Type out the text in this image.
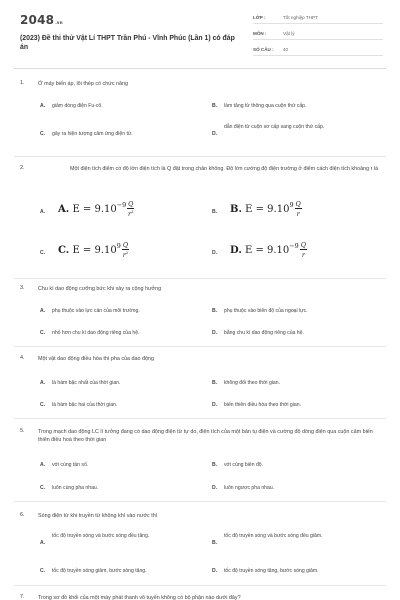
2048.vn
(2023) Đề thi thử Vật Lí THPT Trần Phú - Vĩnh Phúc (Lần 1) có đáp án
LỚP :	Tốt nghiệp THPT
MÔN :	Vật lý
SỐ CÂU : 40
1.	Ở máy biến áp, lõi thép có chức năng
A. giảm dòng điện Fu-cô.	B. làm tăng từ thông qua cuộn thứ cấp.
C. gây ra hiện tượng cảm ứng điện từ.	D.
dẫn điện từ cuộn sơ cấp sang cuộn thứ cấp.
2.	Một điện tích điểm có độ lớn điện tích là Q đặt trong chân không. Độ lớn cường độ điện trường ở điểm cách điện tích khoảng r là
A. A. $E = 9.10^{-9} \frac{Q}{r^2}$	B. B. $E = 9.10^9 \frac{Q}{r}$
C. C. $E = 9.10^9 \frac{Q}{r^2}$	D. D. $E = 9.10^{-9} \frac{Q}{r}$
3.	Chu kì dao động cưỡng bức khi xảy ra cộng hưởng
A. phụ thuộc vào lực cản của môi trường.	B. phụ thuộc vào biên độ của ngoại lực.
C. nhỏ hơn chu kì dao động riêng của hệ.	D. bằng chu kì dao động riêng của hệ.
4.	Một vật dao động điều hòa thì pha của dao động
A. là hàm bậc nhất của thời gian.	B. không đổi theo thời gian.
C. là hàm bậc hai của thời gian.	D. biến thiên điều hòa theo thời gian.
5.	Trong mạch dao động LC lí tưởng đang có dao động điện từ tự do, điện tích của một bản tụ điện và cường độ dòng điện qua cuộn cảm biến thiên điều hoà theo thời gian
A. với cùng tần số.	B. với cùng biên độ.
C. luôn cùng pha nhau.	D. luôn ngược pha nhau.
6.	Sóng điện từ khi truyền từ không khí vào nước thì
A.
tốc độ truyền sóng và bước sóng đều tăng.
B.
tốc độ truyền sóng và bước sóng đều giảm.
C. tốc độ truyền sóng giảm, bước sóng tăng.	D. tốc độ truyền sóng tăng, bước sóng giảm.
7.	Trong sơ đồ khối của một máy phát thanh vô tuyến không có bộ phận nào dưới đây?
